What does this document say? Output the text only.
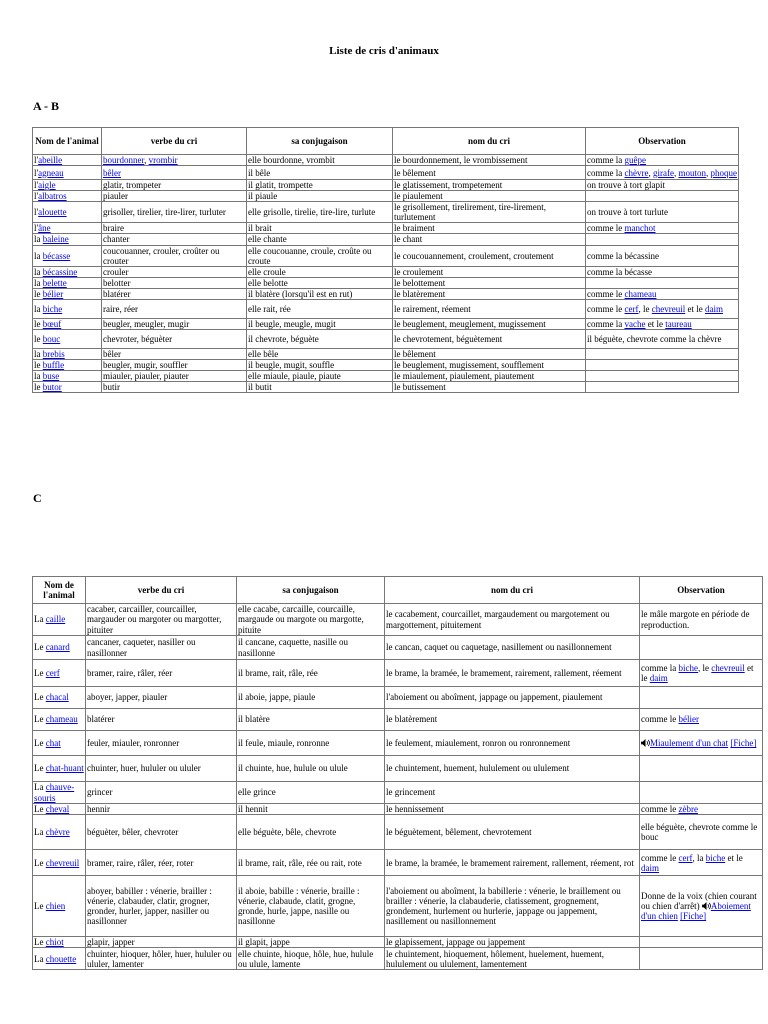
Liste de cris d'animaux
A - B
Nom de l'animal	verbe du cri	sa conjugaison	nom du cri	Observation
l'abeille	bourdonner, vrombir	elle bourdonne, vrombit	le bourdonnement, le vrombissement	comme la guêpe
l'agneau	bêler	il bêle	le bêlement	comme la chèvre, girafe, mouton, phoque
l'aigle	glatir, trompeter	il glatit, trompette	le glatissement, trompetement	on trouve à tort glapit
l'albatros	piauler	il piaule	le piaulement	
l'alouette	grisoller, tirelier, tire-lirer, turluter	elle grisolle, tirelie, tire-lire, turlute	le grisollement, tirelirement, tire-lirement, turlutement	on trouve à tort turlute
l'âne	braire	il brait	le braiment	comme le manchot
la baleine	chanter	elle chante	le chant	
la bécasse	coucouanner, crouler, croûter ou crouter	elle coucouanne, croule, croûte ou croute	le coucouannement, croulement, croutement	comme la bécassine
la bécassine	crouler	elle croule	le croulement	comme la bécasse
la belette	belotter	elle belotte	le belottement	
le bélier	blatérer	il blatère (lorsqu'il est en rut)	le blatèrement	comme le chameau
la biche	raire, réer	elle rait, rée	le rairement, réement	comme le cerf, le chevreuil et le daim
le bœuf	beugler, meugler, mugir	il beugle, meugle, mugit	le beuglement, meuglement, mugissement	comme la vache et le taureau
le bouc	chevroter, béguèter	il chevrote, béguète	le chevrotement, béguètement	il béguète, chevrote comme la chèvre
la brebis	bêler	elle bêle	le bêlement	
le buffle	beugler, mugir, souffler	il beugle, mugit, souffle	le beuglement, mugissement, soufflement	
la buse	miauler, piauler, piauter	elle miaule, piaule, piaute	le miaulement, piaulement, piautement	
le butor	butir	il butit	le butissement	
C
Nom de l'animal	verbe du cri	sa conjugaison	nom du cri	Observation
La caille	cacaber, carcailler, courcailler, margauder ou margoter ou margotter, pituiter	elle cacabe, carcaille, courcaille, margaude ou margote ou margotte, pituite	le cacabement, courcaillet, margaudement ou margotement ou margottement, pituitement	le mâle margote en période de reproduction.
Le canard	cancaner, caqueter, nasiller ou nasillonner	il cancane, caquette, nasille ou nasillonne	le cancan, caquet ou caquetage, nasillement ou nasillonnement	
Le cerf	bramer, raire, râler, réer	il brame, rait, râle, rée	le brame, la bramée, le bramement, rairement, rallement, réement	comme la biche, le chevreuil et le daim
Le chacal	aboyer, japper, piauler	il aboie, jappe, piaule	l'aboiement ou aboîment, jappage ou jappement, piaulement	
Le chameau	blatérer	il blatère	le blatèrement	comme le bélier
Le chat	feuler, miauler, ronronner	il feule, miaule, ronronne	le feulement, miaulement, ronron ou ronronnement	Miaulement d'un chat [Fiche]
Le chat-huant	chuinter, huer, hululer ou ululer	il chuinte, hue, hulule ou ulule	le chuintement, huement, hululement ou ululement	
La chauve-souris	grincer	elle grince	le grincement	
Le cheval	hennir	il hennit	le hennissement	comme le zèbre
La chèvre	béguèter, bêler, chevroter	elle béguète, bêle, chevrote	le béguètement, bêlement, chevrotement	elle béguète, chevrote comme le bouc
Le chevreuil	bramer, raire, râler, réer, roter	il brame, rait, râle, rée ou rait, rote	le brame, la bramée, le bramement rairement, rallement, réement, rot	comme le cerf, la biche et le daim
Le chien	aboyer, babiller : vénerie, brailler : vénerie, clabauder, clatir, grogner, gronder, hurler, japper, nasiller ou nasillonner	il aboie, babille : vénerie, braille : vénerie, clabaude, clatit, grogne, gronde, hurle, jappe, nasille ou nasillonne	l'aboiement ou aboîment, la babillerie : vénerie, le braillement ou brailler : vénerie, la clabauderie, clatissement, grognement, grondement, hurlement ou hurlerie, jappage ou jappement, nasillement ou nasillonnement	Donne de la voix (chien courant ou chien d'arrêt) Aboiement d'un chien [Fiche]
Le chiot	glapir, japper	il glapit, jappe	le glapissement, jappage ou jappement	
La chouette	chuinter, hioquer, hôler, huer, hululer ou ululer, lamenter	elle chuinte, hioque, hôle, hue, hulule ou ulule, lamente	le chuintement, hioquement, hôlement, huelement, huement, hululement ou ululement, lamentement	
